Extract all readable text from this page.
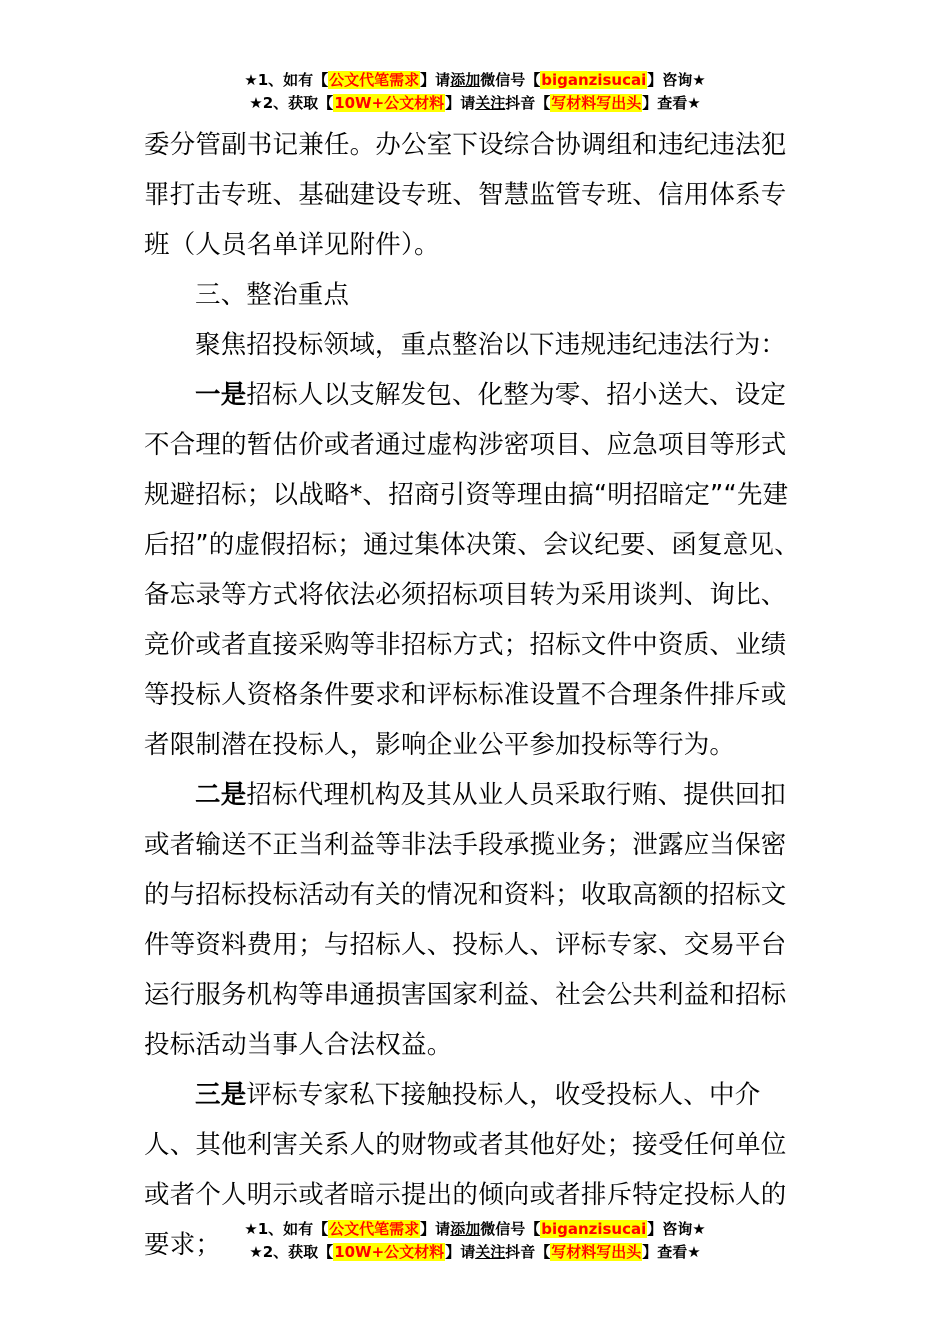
★1、如有【公文代笔需求】请添加微信号【biganzisucai】咨询★
★2、获取【10W+公文材料】请关注抖音【写材料写出头】查看★

委分管副书记兼任。办公室下设综合协调组和违纪违法犯罪打击专班、基础建设专班、智慧监管专班、信用体系专班（人员名单详见附件）。

三、整治重点

聚焦招投标领域，重点整治以下违规违纪违法行为：

一是招标人以支解发包、化整为零、招小送大、设定不合理的暂估价或者通过虚构涉密项目、应急项目等形式规避招标；以战略*、招商引资等理由搞“明招暗定”“先建后招”的虚假招标；通过集体决策、会议纪要、函复意见、备忘录等方式将依法必须招标项目转为采用谈判、询比、竞价或者直接采购等非招标方式；招标文件中资质、业绩等投标人资格条件要求和评标标准设置不合理条件排斥或者限制潜在投标人，影响企业公平参加投标等行为。

二是招标代理机构及其从业人员采取行贿、提供回扣或者输送不正当利益等非法手段承揽业务；泄露应当保密的与招标投标活动有关的情况和资料；收取高额的招标文件等资料费用；与招标人、投标人、评标专家、交易平台运行服务机构等串通损害国家利益、社会公共利益和招标投标活动当事人合法权益。

三是评标专家私下接触投标人，收受投标人、中介人、其他利害关系人的财物或者其他好处；接受任何单位或者个人明示或者暗示提出的倾向或者排斥特定投标人的要求；

★1、如有【公文代笔需求】请添加微信号【biganzisucai】咨询★
★2、获取【10W+公文材料】请关注抖音【写材料写出头】查看★
